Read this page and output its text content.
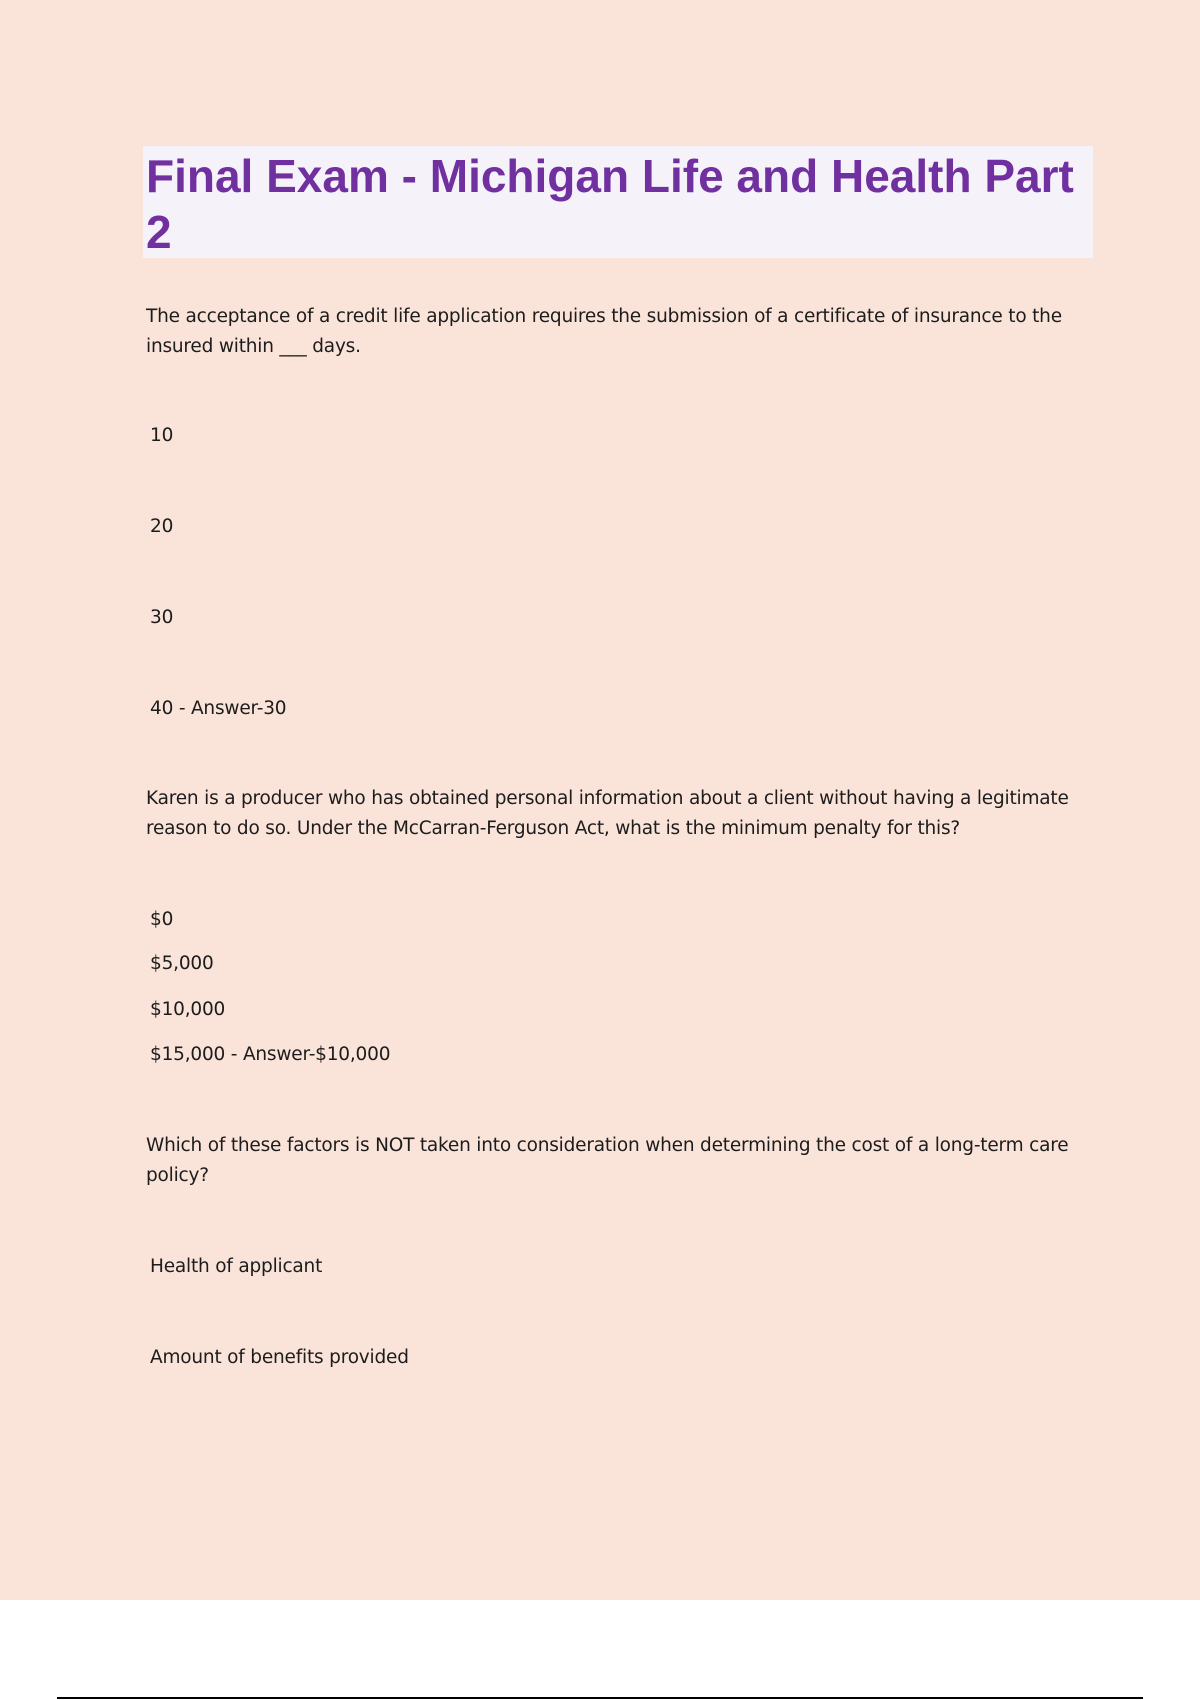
Final Exam - Michigan Life and Health Part 2

The acceptance of a credit life application requires the submission of a certificate of insurance to the insured within ___ days.

10

20

30

40 - Answer-30

Karen is a producer who has obtained personal information about a client without having a legitimate reason to do so. Under the McCarran-Ferguson Act, what is the minimum penalty for this?

$0

$5,000

$10,000

$15,000 - Answer-$10,000

Which of these factors is NOT taken into consideration when determining the cost of a long-term care policy?

Health of applicant

Amount of benefits provided
